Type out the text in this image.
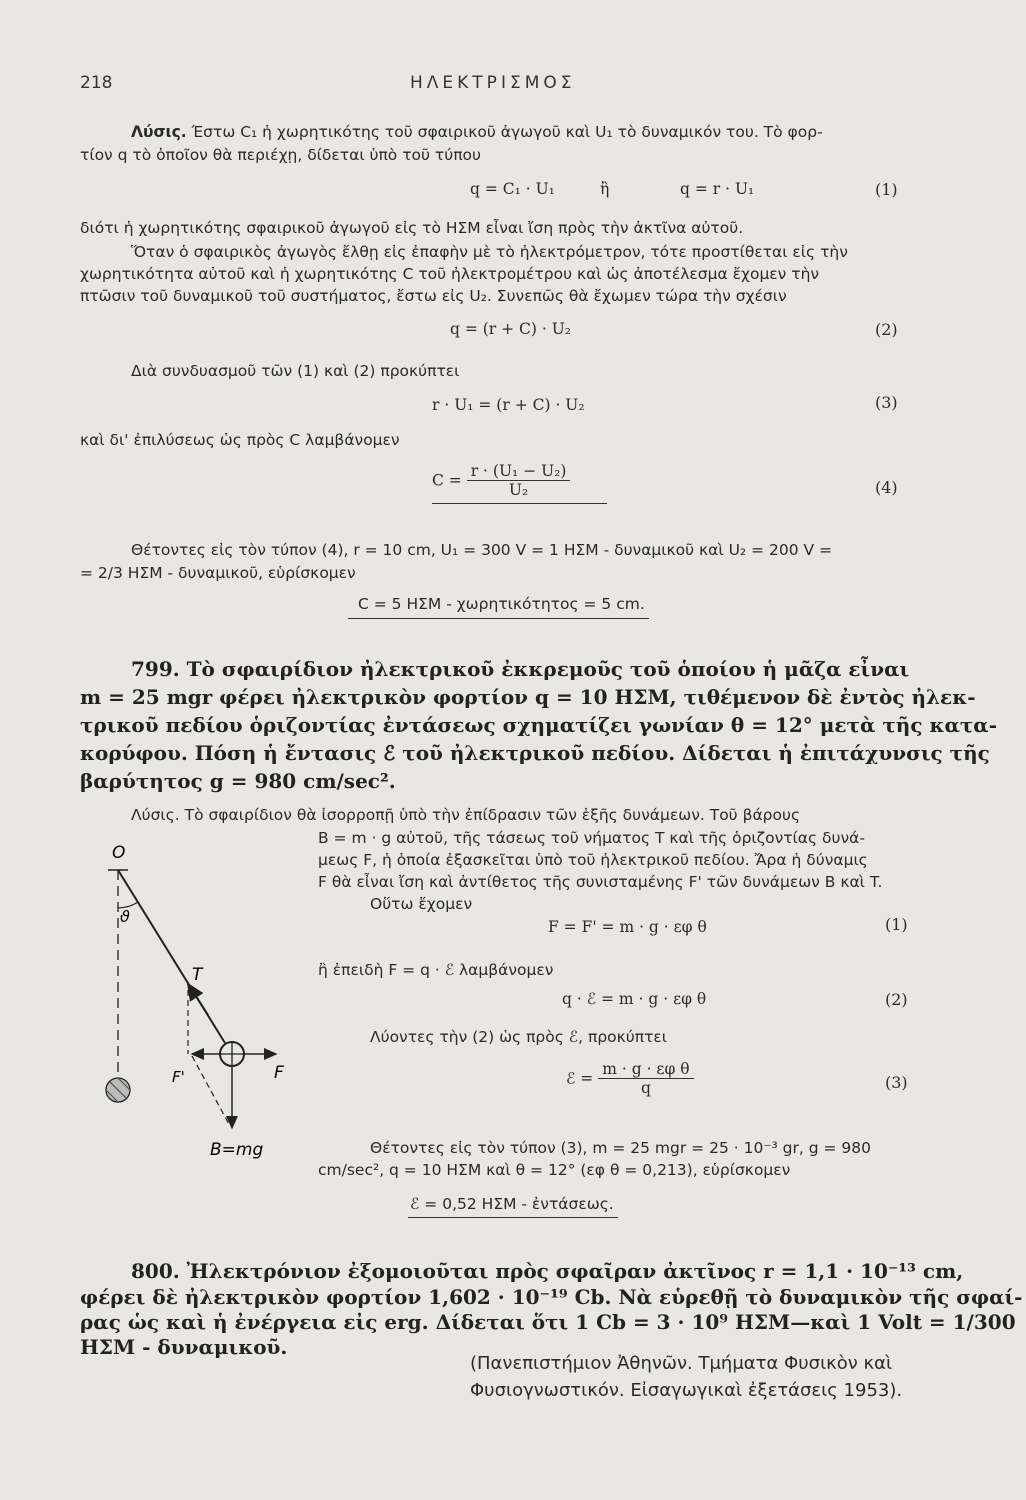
218	ΗΛΕΚΤΡΙΣΜΟΣ
Λύσις. Έστω C₁ ἡ χωρητικότης τοῦ σφαιρικοῦ ἀγωγοῦ καὶ U₁ τὸ δυναμικόν του. Τὸ φορ-
τίον q τὸ ὁποῖον θὰ περιέχῃ, δίδεται ὑπὸ τοῦ τύπου
q = C₁ · U₁	ἢ	q = r · U₁	(1)
διότι ἡ χωρητικότης σφαιρικοῦ ἀγωγοῦ εἰς τὸ ΗΣΜ εἶναι ἴση πρὸς τὴν ἀκτῖνα αὐτοῦ.
Ὅταν ὁ σφαιρικὸς ἀγωγὸς ἔλθῃ εἰς ἐπαφὴν μὲ τὸ ἠλεκτρόμετρον, τότε προστίθεται εἰς τὴν
χωρητικότητα αὐτοῦ καὶ ἡ χωρητικότης C τοῦ ἠλεκτρομέτρου καὶ ὡς ἀποτέλεσμα ἔχομεν τὴν
πτῶσιν τοῦ δυναμικοῦ τοῦ συστήματος, ἔστω εἰς U₂. Συνεπῶς θὰ ἔχωμεν τώρα τὴν σχέσιν
q = (r + C) · U₂	(2)
Διὰ συνδυασμοῦ τῶν (1) καὶ (2) προκύπτει
r · U₁ = (r + C) · U₂	(3)
καὶ δι' ἐπιλύσεως ὡς πρὸς C λαμβάνομεν
$C = \frac{\text{r · (U₁ − U₂)}}{\text{U₂}}$	(4)
Θέτοντες εἰς τὸν τύπον (4), r = 10 cm, U₁ = 300 V = 1 ΗΣΜ - δυναμικοῦ καὶ U₂ = 200 V =
= 2/3 ΗΣΜ - δυναμικοῦ, εὑρίσκομεν
C = 5 ΗΣΜ - χωρητικότητος = 5 cm.
799. Τὸ σφαιρίδιον ἠλεκτρικοῦ ἐκκρεμοῦς τοῦ ὁποίου ἡ μᾶζα εἶναι
m = 25 mgr φέρει ἠλεκτρικὸν φορτίον q = 10 ΗΣΜ, τιθέμενον δὲ ἐντὸς ἠλεκ-
τρικοῦ πεδίου ὁριζοντίας ἐντάσεως σχηματίζει γωνίαν θ = 12° μετὰ τῆς κατα-
κορύφου. Πόση ἡ ἔντασις ℰ τοῦ ἠλεκτρικοῦ πεδίου. Δίδεται ἡ ἐπιτάχυνσις τῆς
βαρύτητος g = 980 cm/sec².
Λύσις. Τὸ σφαιρίδιον θὰ ἰσορροπῇ ὑπὸ τὴν ἐπίδρασιν τῶν ἑξῆς δυνάμεων. Τοῦ βάρους
B = m · g αὐτοῦ, τῆς τάσεως τοῦ νήματος T καὶ τῆς ὁριζοντίας δυνά-
μεως F, ἡ ὁποία ἐξασκεῖται ὑπὸ τοῦ ἠλεκτρικοῦ πεδίου. Ἄρα ἡ δύναμις
F θὰ εἶναι ἴση καὶ ἀντίθετος τῆς συνισταμένης F' τῶν δυνάμεων B καὶ T.
Οὕτω ἔχομεν
F = F' = m · g · εφ θ	(1)
ἢ ἐπειδὴ F = q · ℰ λαμβάνομεν
q · ℰ = m · g · εφ θ	(2)
Λύοντες τὴν (2) ὡς πρὸς ℰ, προκύπτει
ℰ = $\frac{\text{m · g · εφ θ}}{q}$	(3)
Θέτοντες εἰς τὸν τύπον (3), m = 25 mgr = 25 · 10⁻³ gr, g = 980
cm/sec², q = 10 ΗΣΜ καὶ θ = 12° (εφ θ = 0,213), εὑρίσκομεν
ℰ = 0,52 ΗΣΜ - ἐντάσεως.
O
ϑ
T
F'	F
B=mg
800. Ἠλεκτρόνιον ἐξομοιοῦται πρὸς σφαῖραν ἀκτῖνος r = 1,1 · 10⁻¹³ cm,
φέρει δὲ ἠλεκτρικὸν φορτίον 1,602 · 10⁻¹⁹ Cb. Νὰ εὑρεθῇ τὸ δυναμικὸν τῆς σφαί-
ρας ὡς καὶ ἡ ἐνέργεια εἰς erg. Δίδεται ὅτι 1 Cb = 3 · 10⁹ ΗΣΜ—καὶ 1 Volt = 1/300
ΗΣΜ - δυναμικοῦ.
(Πανεπιστήμιον Ἀθηνῶν. Τμήματα Φυσικὸν καὶ
Φυσιογνωστικόν. Εἰσαγωγικαὶ ἐξετάσεις 1953).
